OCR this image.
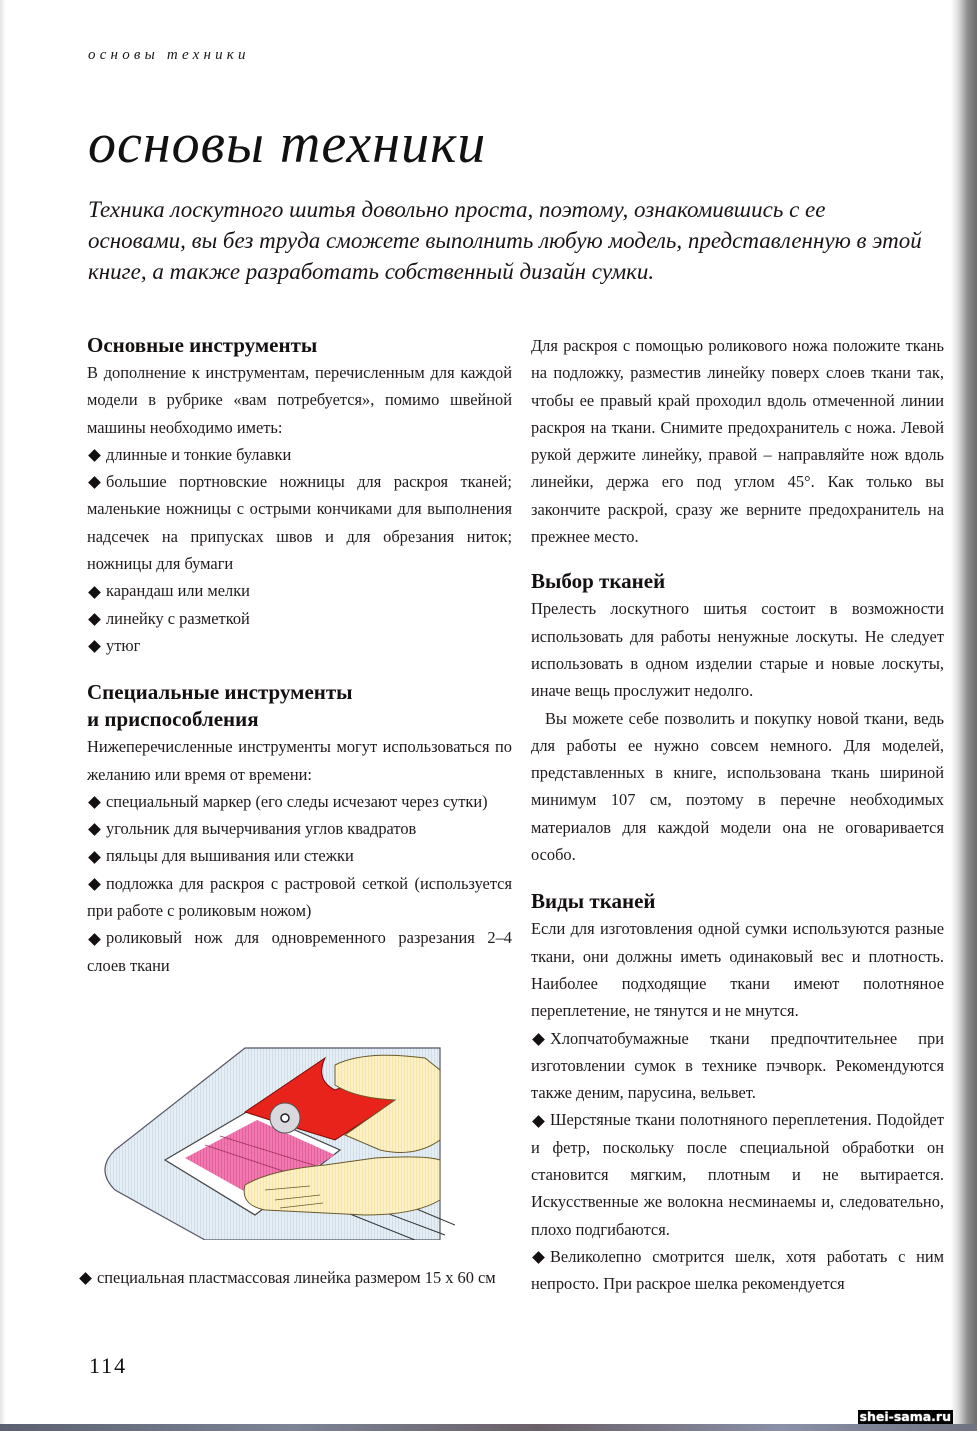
основы техники
основы техники

Техника лоскутного шитья довольно проста, поэтому, ознакомившись с ее основами, вы без труда сможете выполнить любую модель, представленную в этой книге, а также разработать собственный дизайн сумки.

Основные инструменты

В дополнение к инструментам, перечисленным для каждой модели в рубрике «вам потребуется», помимо швейной машины необходимо иметь:

длинные и тонкие булавки
большие портновские ножницы для раскроя тканей; маленькие ножницы с острыми кончиками для выполнения надсечек на припусках швов и для обрезания ниток; ножницы для бумаги
карандаш или мелки
линейку с разметкой
утюг
Специальные инструменты
и приспособления

Нижеперечисленные инструменты могут использоваться по желанию или время от времени:

специальный маркер (его следы исчезают через сутки)
угольник для вычерчивания углов квадратов
пяльцы для вышивания или стежки
подложка для раскроя с растровой сеткой (используется при работе с роликовым ножом)
роликовый нож для одновременного разрезания 2–4 слоев ткани

специальная пластмассовая линейка размером 15 x 60 см

Для раскроя с помощью роликового ножа положите ткань на подложку, разместив линейку поверх слоев ткани так, чтобы ее правый край проходил вдоль отмеченной линии раскроя на ткани. Снимите предохранитель с ножа. Левой рукой держите линейку, правой – направляйте нож вдоль линейки, держа его под углом 45°. Как только вы закончите раскрой, сразу же верните предохранитель на прежнее место.

Выбор тканей

Прелесть лоскутного шитья состоит в возможности использовать для работы ненужные лоскуты. Не следует использовать в одном изделии старые и новые лоскуты, иначе вещь прослужит недолго.

Вы можете себе позволить и покупку новой ткани, ведь для работы ее нужно совсем немного. Для моделей, представленных в книге, использована ткань шириной минимум 107 см, поэтому в перечне необходимых материалов для каждой модели она не оговаривается особо.

Виды тканей

Если для изготовления одной сумки используются разные ткани, они должны иметь одинаковый вес и плотность. Наиболее подходящие ткани имеют полотняное переплетение, не тянутся и не мнутся.

Хлопчатобумажные ткани предпочтительнее при изготовлении сумок в технике пэчворк. Рекомендуются также деним, парусина, вельвет.
Шерстяные ткани полотняного переплетения. Подойдет и фетр, поскольку после специальной обработки он становится мягким, плотным и не вытирается. Искусственные же волокна несминаемы и, следовательно, плохо подгибаются.
Великолепно смотрится шелк, хотя работать с ним непросто. При раскрое шелка рекомендуется
114
shei-sama.ru
